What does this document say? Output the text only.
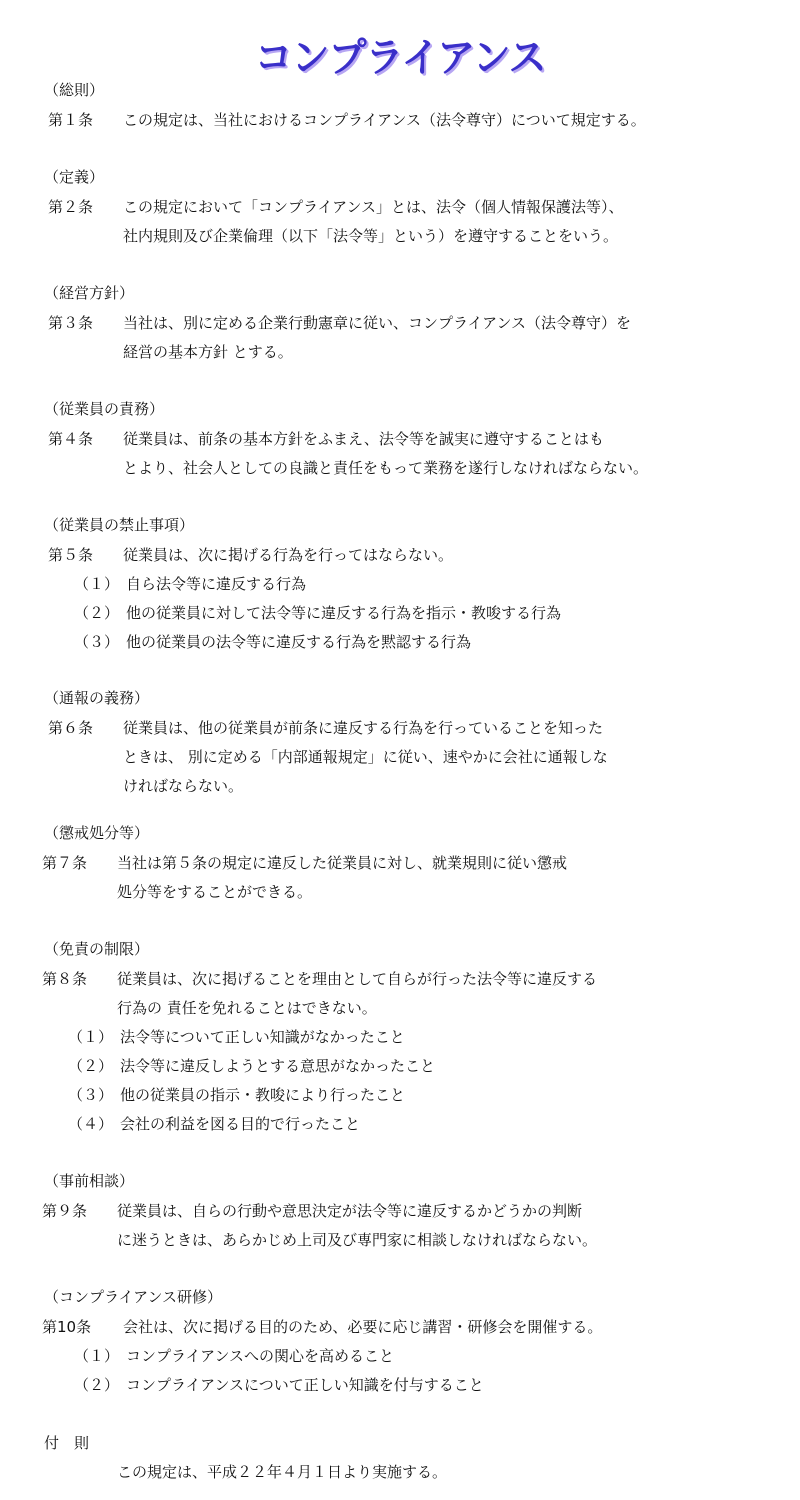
コンプライアンス
（総則）
第１条 この規定は、当社におけるコンプライアンス（法令尊守）について規定する。
（定義）
第２条 この規定において「コンプライアンス」とは、法令（個人情報保護法等）、
社内規則及び企業倫理（以下「法令等」という）を遵守することをいう。
（経営方針）
第３条 当社は、別に定める企業行動憲章に従い、コンプライアンス（法令尊守）を
経営の基本方針 とする。
（従業員の責務）
第４条 従業員は、前条の基本方針をふまえ、法令等を誠実に遵守することはも
とより、社会人としての良識と責任をもって業務を遂行しなければならない。
（従業員の禁止事項）
第５条 従業員は、次に掲げる行為を行ってはならない。
（１） 自ら法令等に違反する行為
（２） 他の従業員に対して法令等に違反する行為を指示・教唆する行為
（３） 他の従業員の法令等に違反する行為を黙認する行為
（通報の義務）
第６条 従業員は、他の従業員が前条に違反する行為を行っていることを知った
ときは、 別に定める「内部通報規定」に従い、速やかに会社に通報しな
ければならない。
（懲戒処分等）
第７条 当社は第５条の規定に違反した従業員に対し、就業規則に従い懲戒
処分等をすることができる。
（免責の制限）
第８条 従業員は、次に掲げることを理由として自らが行った法令等に違反する
行為の 責任を免れることはできない。
（１） 法令等について正しい知識がなかったこと
（２） 法令等に違反しようとする意思がなかったこと
（３） 他の従業員の指示・教唆により行ったこと
（４） 会社の利益を図る目的で行ったこと
（事前相談）
第９条 従業員は、自らの行動や意思決定が法令等に違反するかどうかの判断
に迷うときは、あらかじめ上司及び専門家に相談しなければならない。
（コンプライアンス研修）
第10条 会社は、次に掲げる目的のため、必要に応じ講習・研修会を開催する。
（１） コンプライアンスへの関心を高めること
（２） コンプライアンスについて正しい知識を付与すること
付　則
この規定は、平成２２年４月１日より実施する。
